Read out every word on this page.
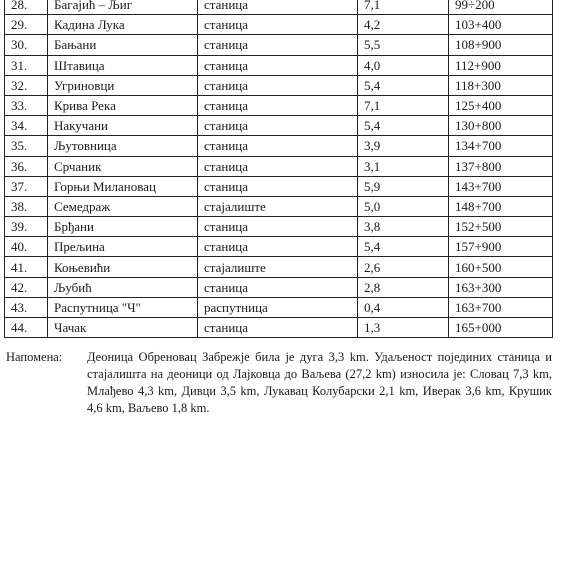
28.	Багајић – Љиг	станица	7,1	99÷200
29.	Кадина Лука	станица	4,2	103+400
30.	Бањани	станица	5,5	108+900
31.	Штавица	станица	4,0	112+900
32.	Угриновци	станица	5,4	118+300
33.	Крива Река	станица	7,1	125+400
34.	Накучани	станица	5,4	130+800
35.	Љутовница	станица	3,9	134+700
36.	Срчаник	станица	3,1	137+800
37.	Горњи Милановац	станица	5,9	143+700
38.	Семедраж	стајалиште	5,0	148+700
39.	Брђани	станица	3,8	152+500
40.	Прељина	станица	5,4	157+900
41.	Коњевићи	стајалиште	2,6	160+500
42.	Љубић	станица	2,8	163+300
43.	Распутница "Ч"	распутница	0,4	163+700
44.	Чачак	станица	1,3	165+000
Напомена:	Деоница Обреновац Забрежје била је дуга 3,3 km. Удаљеност појединих станица и стајалишта на деоници од Лајковца до Ваљева (27,2 km) износила је: Словац 7,3 km, Млађево 4,3 km, Дивци 3,5 km, Лукавац Колубарски 2,1 km, Иверак 3,6 km, Крушик 4,6 km, Ваљево 1,8 km.
